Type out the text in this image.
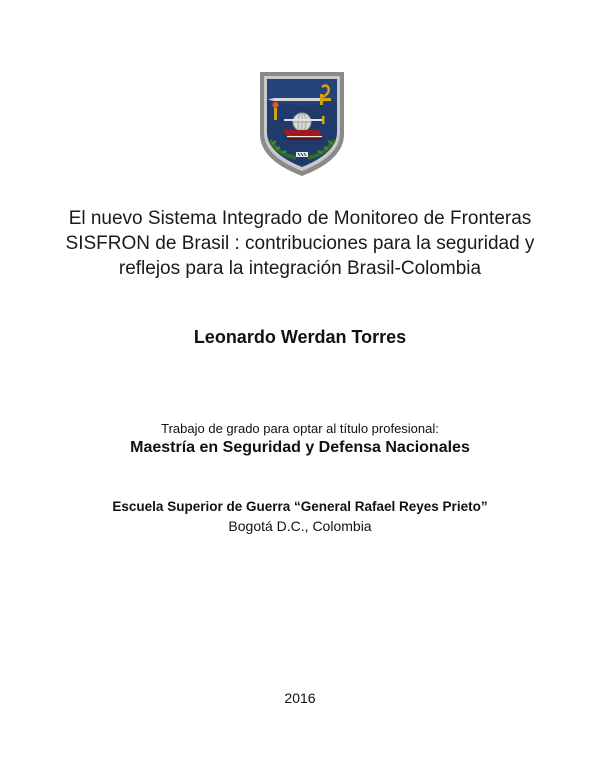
El nuevo Sistema Integrado de Monitoreo de Fronteras SISFRON de Brasil : contribuciones para la seguridad y reflejos para la integración Brasil-Colombia
Leonardo Werdan Torres
Trabajo de grado para optar al título profesional:
Maestría en Seguridad y Defensa Nacionales
Escuela Superior de Guerra “General Rafael Reyes Prieto”
Bogotá D.C., Colombia
2016
